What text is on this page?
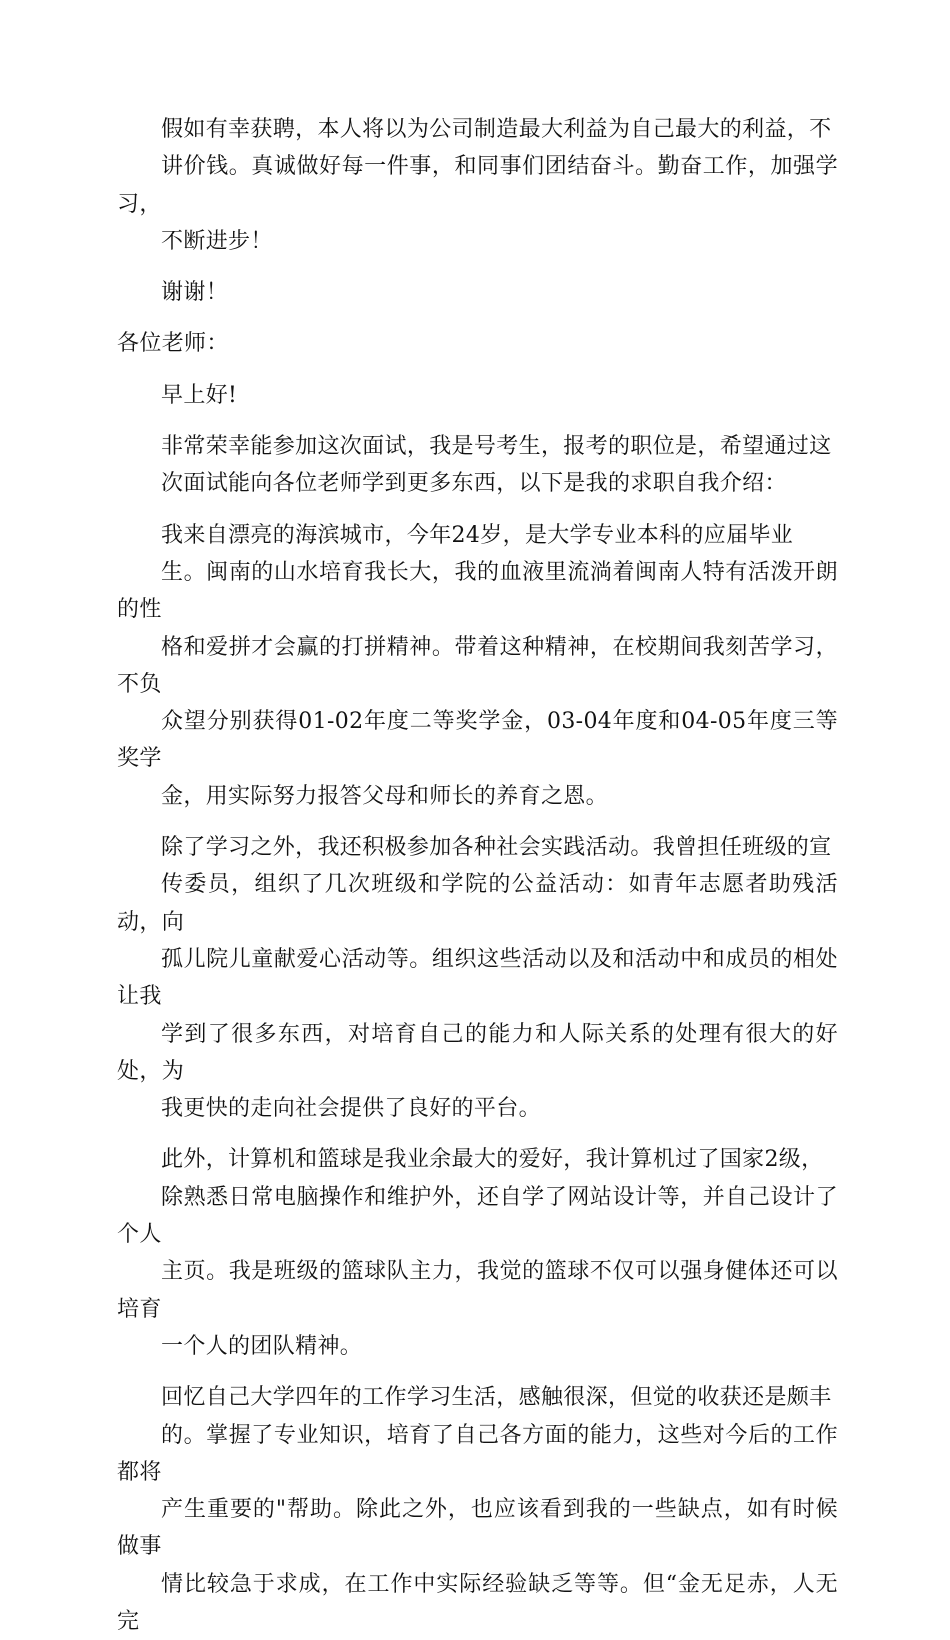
假如有幸获聘，本人将以为公司制造最大利益为自己最大的利益，不
讲价钱。真诚做好每一件事，和同事们团结奋斗。勤奋工作，加强学习，
不断进步！

谢谢！

各位老师：

早上好!

非常荣幸能参加这次面试，我是号考生，报考的职位是，希望通过这
次面试能向各位老师学到更多东西，以下是我的求职自我介绍：

我来自漂亮的海滨城市，今年24岁，是大学专业本科的应届毕业
生。闽南的山水培育我长大，我的血液里流淌着闽南人特有活泼开朗的性
格和爱拼才会赢的打拼精神。带着这种精神，在校期间我刻苦学习，不负
众望分别获得01-02年度二等奖学金，03-04年度和04-05年度三等奖学
金，用实际努力报答父母和师长的养育之恩。

除了学习之外，我还积极参加各种社会实践活动。我曾担任班级的宣
传委员，组织了几次班级和学院的公益活动：如青年志愿者助残活动，向
孤儿院儿童献爱心活动等。组织这些活动以及和活动中和成员的相处让我
学到了很多东西，对培育自己的能力和人际关系的处理有很大的好处，为
我更快的走向社会提供了良好的平台。

此外，计算机和篮球是我业余最大的爱好，我计算机过了国家2级，
除熟悉日常电脑操作和维护外，还自学了网站设计等，并自己设计了个人
主页。我是班级的篮球队主力，我觉的篮球不仅可以强身健体还可以培育
一个人的团队精神。

回忆自己大学四年的工作学习生活，感触很深，但觉的收获还是颇丰
的。掌握了专业知识，培育了自己各方面的能力，这些对今后的工作都将
产生重要的"帮助。除此之外，也应该看到我的一些缺点，如有时候做事
情比较急于求成，在工作中实际经验缺乏等等。但“金无足赤，人无完
